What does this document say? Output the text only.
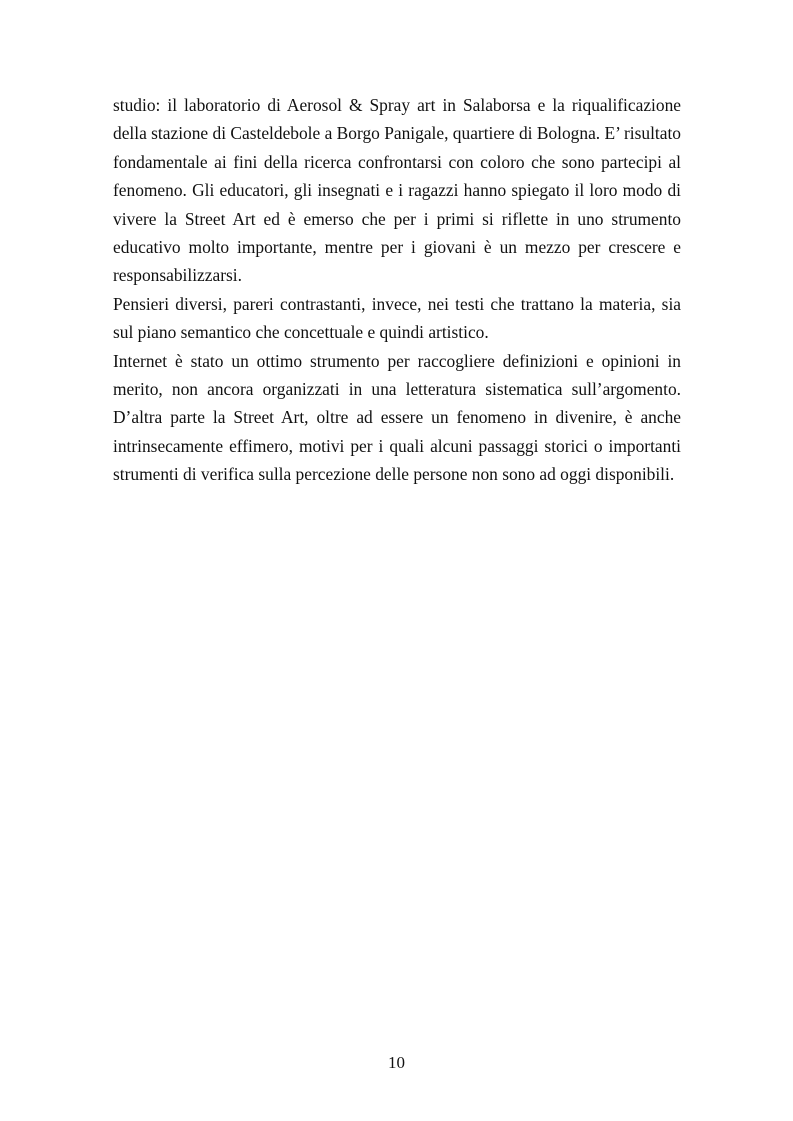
studio: il laboratorio di Aerosol & Spray art in Salaborsa e la riqualificazione della stazione di Casteldebole a Borgo Panigale, quartiere di Bologna. E’ risultato fondamentale ai fini della ricerca confrontarsi con coloro che sono partecipi al fenomeno. Gli educatori, gli insegnati e i ragazzi hanno spiegato il loro modo di vivere la Street Art ed è emerso che per i primi si riflette in uno strumento educativo molto importante, mentre per i giovani è un mezzo per crescere e responsabilizzarsi.

Pensieri diversi, pareri contrastanti, invece, nei testi che trattano la materia, sia sul piano semantico che concettuale e quindi artistico.

Internet è stato un ottimo strumento per raccogliere definizioni e opinioni in merito, non ancora organizzati in una letteratura sistematica sull’argomento. D’altra parte la Street Art, oltre ad essere un fenomeno in divenire, è anche intrinsecamente effimero, motivi per i quali alcuni passaggi storici o importanti strumenti di verifica sulla percezione delle persone non sono ad oggi disponibili.

10
